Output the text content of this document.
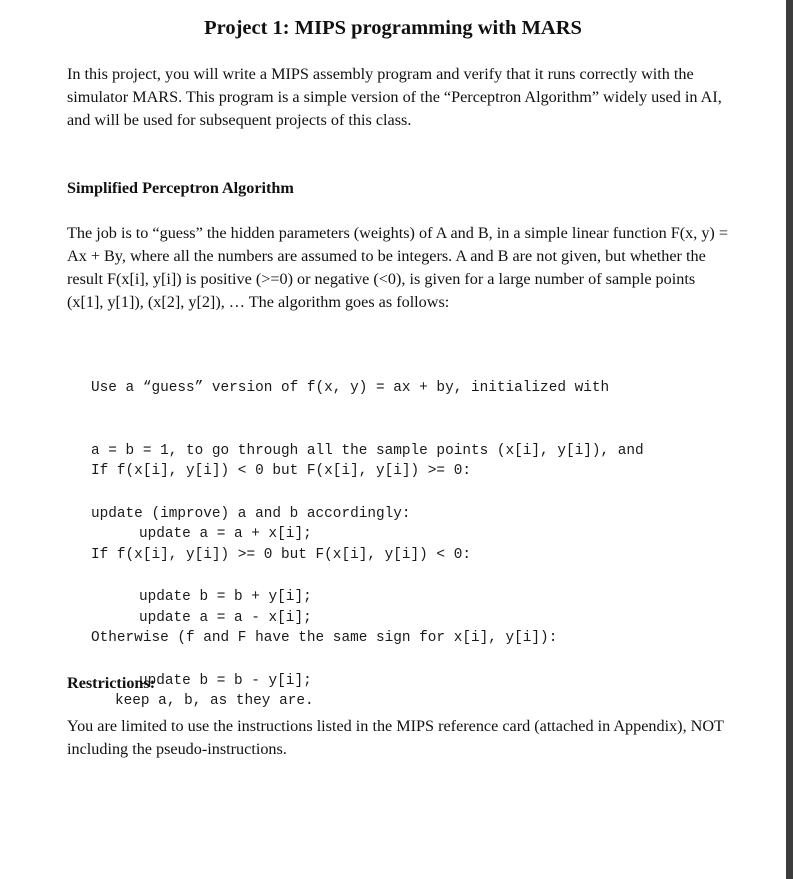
Project 1: MIPS programming with MARS

In this project, you will write a MIPS assembly program and verify that it runs correctly with the simulator MARS. This program is a simple version of the “Perceptron Algorithm” widely used in AI, and will be used for subsequent projects of this class.

Simplified Perceptron Algorithm

The job is to “guess” the hidden parameters (weights) of A and B, in a simple linear function F(x, y) = Ax + By, where all the numbers are assumed to be integers. A and B are not given, but whether the result F(x[i], y[i]) is positive (>=0) or negative (<0), is given for a large number of sample points (x[1], y[1]), (x[2], y[2]), … The algorithm goes as follows:

Use a “guess” version of f(x, y) = ax + by, initialized with

a = b = 1, to go through all the sample points (x[i], y[i]), and

update (improve) a and b accordingly:

If f(x[i], y[i]) < 0 but F(x[i], y[i]) >= 0:

update a = a + x[i];

update b = b + y[i];

If f(x[i], y[i]) >= 0 but F(x[i], y[i]) < 0:

update a = a - x[i];

update b = b - y[i];

Otherwise (f and F have the same sign for x[i], y[i]):

keep a, b, as they are.

Restrictions:

You are limited to use the instructions listed in the MIPS reference card (attached in Appendix), NOT including the pseudo-instructions.
